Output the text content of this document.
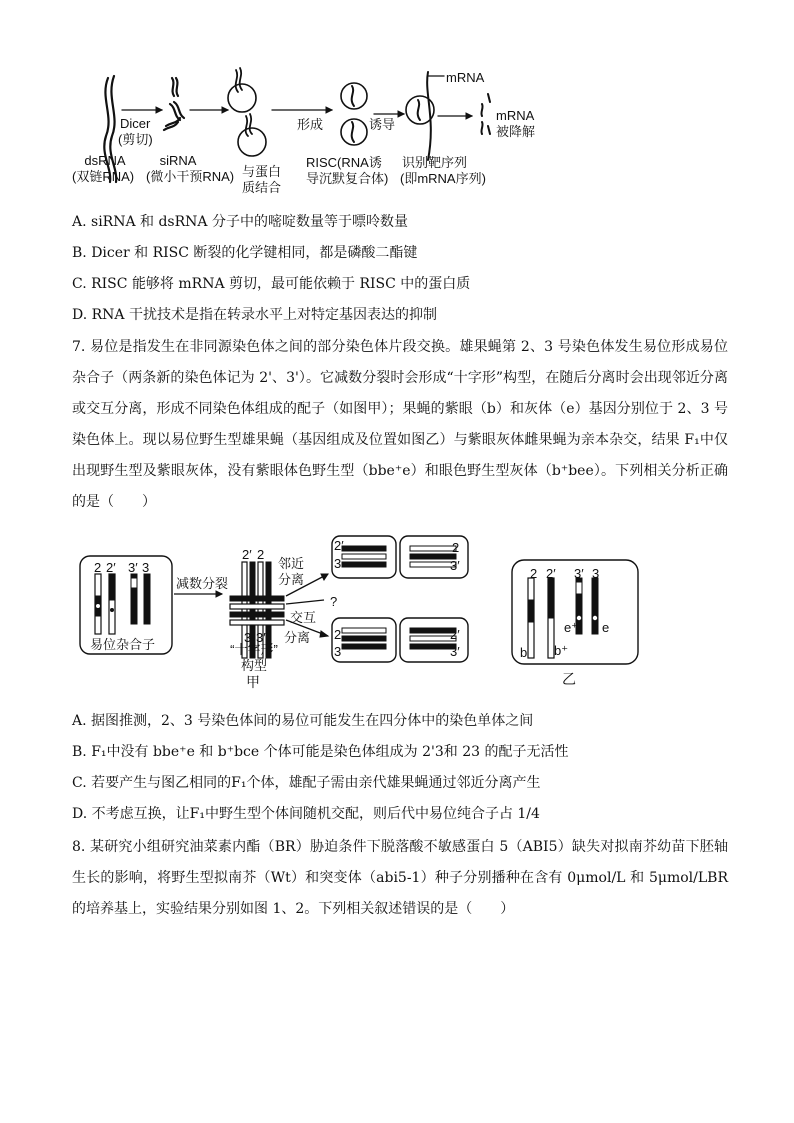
Dicer
(剪切)
dsRNA
(双链RNA)
siRNA
(微小干预RNA) 与蛋白
质结合
形成
RISC(RNA诱
导沉默复合体)
诱导
mRNA
识别靶序列
(即mRNA序列)
mRNA
被降解
A. siRNA 和 dsRNA 分子中的嘧啶数量等于嘌呤数量
B. Dicer 和 RISC 断裂的化学键相同，都是磷酸二酯键
C. RISC 能够将 mRNA 剪切，最可能依赖于 RISC 中的蛋白质
D. RNA 干扰技术是指在转录水平上对特定基因表达的抑制
7. 易位是指发生在非同源染色体之间的部分染色体片段交换。雄果蝇第 2、3 号染色体发生易位形成易位杂合子（两条新的染色体记为 2'、3'）。它减数分裂时会形成“十字形”构型，在随后分离时会出现邻近分离或交互分离，形成不同染色体组成的配子（如图甲）；果蝇的紫眼（b）和灰体（e）基因分别位于 2、3 号染色体上。现以易位野生型雄果蝇（基因组成及位置如图乙）与紫眼灰体雌果蝇为亲本杂交，结果 F₁中仅出现野生型及紫眼灰体，没有紫眼体色野生型（bbe⁺e）和眼色野生型灰体（b⁺bee）。下列相关分析正确的是（　　）
2 2′ 3′ 3
易位杂合子
减数分裂
2′ 2
3 3′
“十字形”
构型
甲
邻近
分离
?
交互
分离
2′
3
2
3′
2
3
2′
3′
2 2′ 3′ 3
b b⁺
e⁺ e
乙
A. 据图推测，2、3 号染色体间的易位可能发生在四分体中的染色单体之间
B. F₁中没有 bbe⁺e 和 b⁺bce 个体可能是染色体组成为 2'3和 23 的配子无活性
C. 若要产生与图乙相同的F₁个体，雄配子需由亲代雄果蝇通过邻近分离产生
D. 不考虑互换，让F₁中野生型个体间随机交配，则后代中易位纯合子占 1/4
8. 某研究小组研究油菜素内酯（BR）胁迫条件下脱落酸不敏感蛋白 5（ABI5）缺失对拟南芥幼苗下胚轴生长的影响，将野生型拟南芥（Wt）和突变体（abi5-1）种子分别播种在含有 0μmol/L 和 5μmol/LBR 的培养基上，实验结果分别如图 1、2。下列相关叙述错误的是（　　）
